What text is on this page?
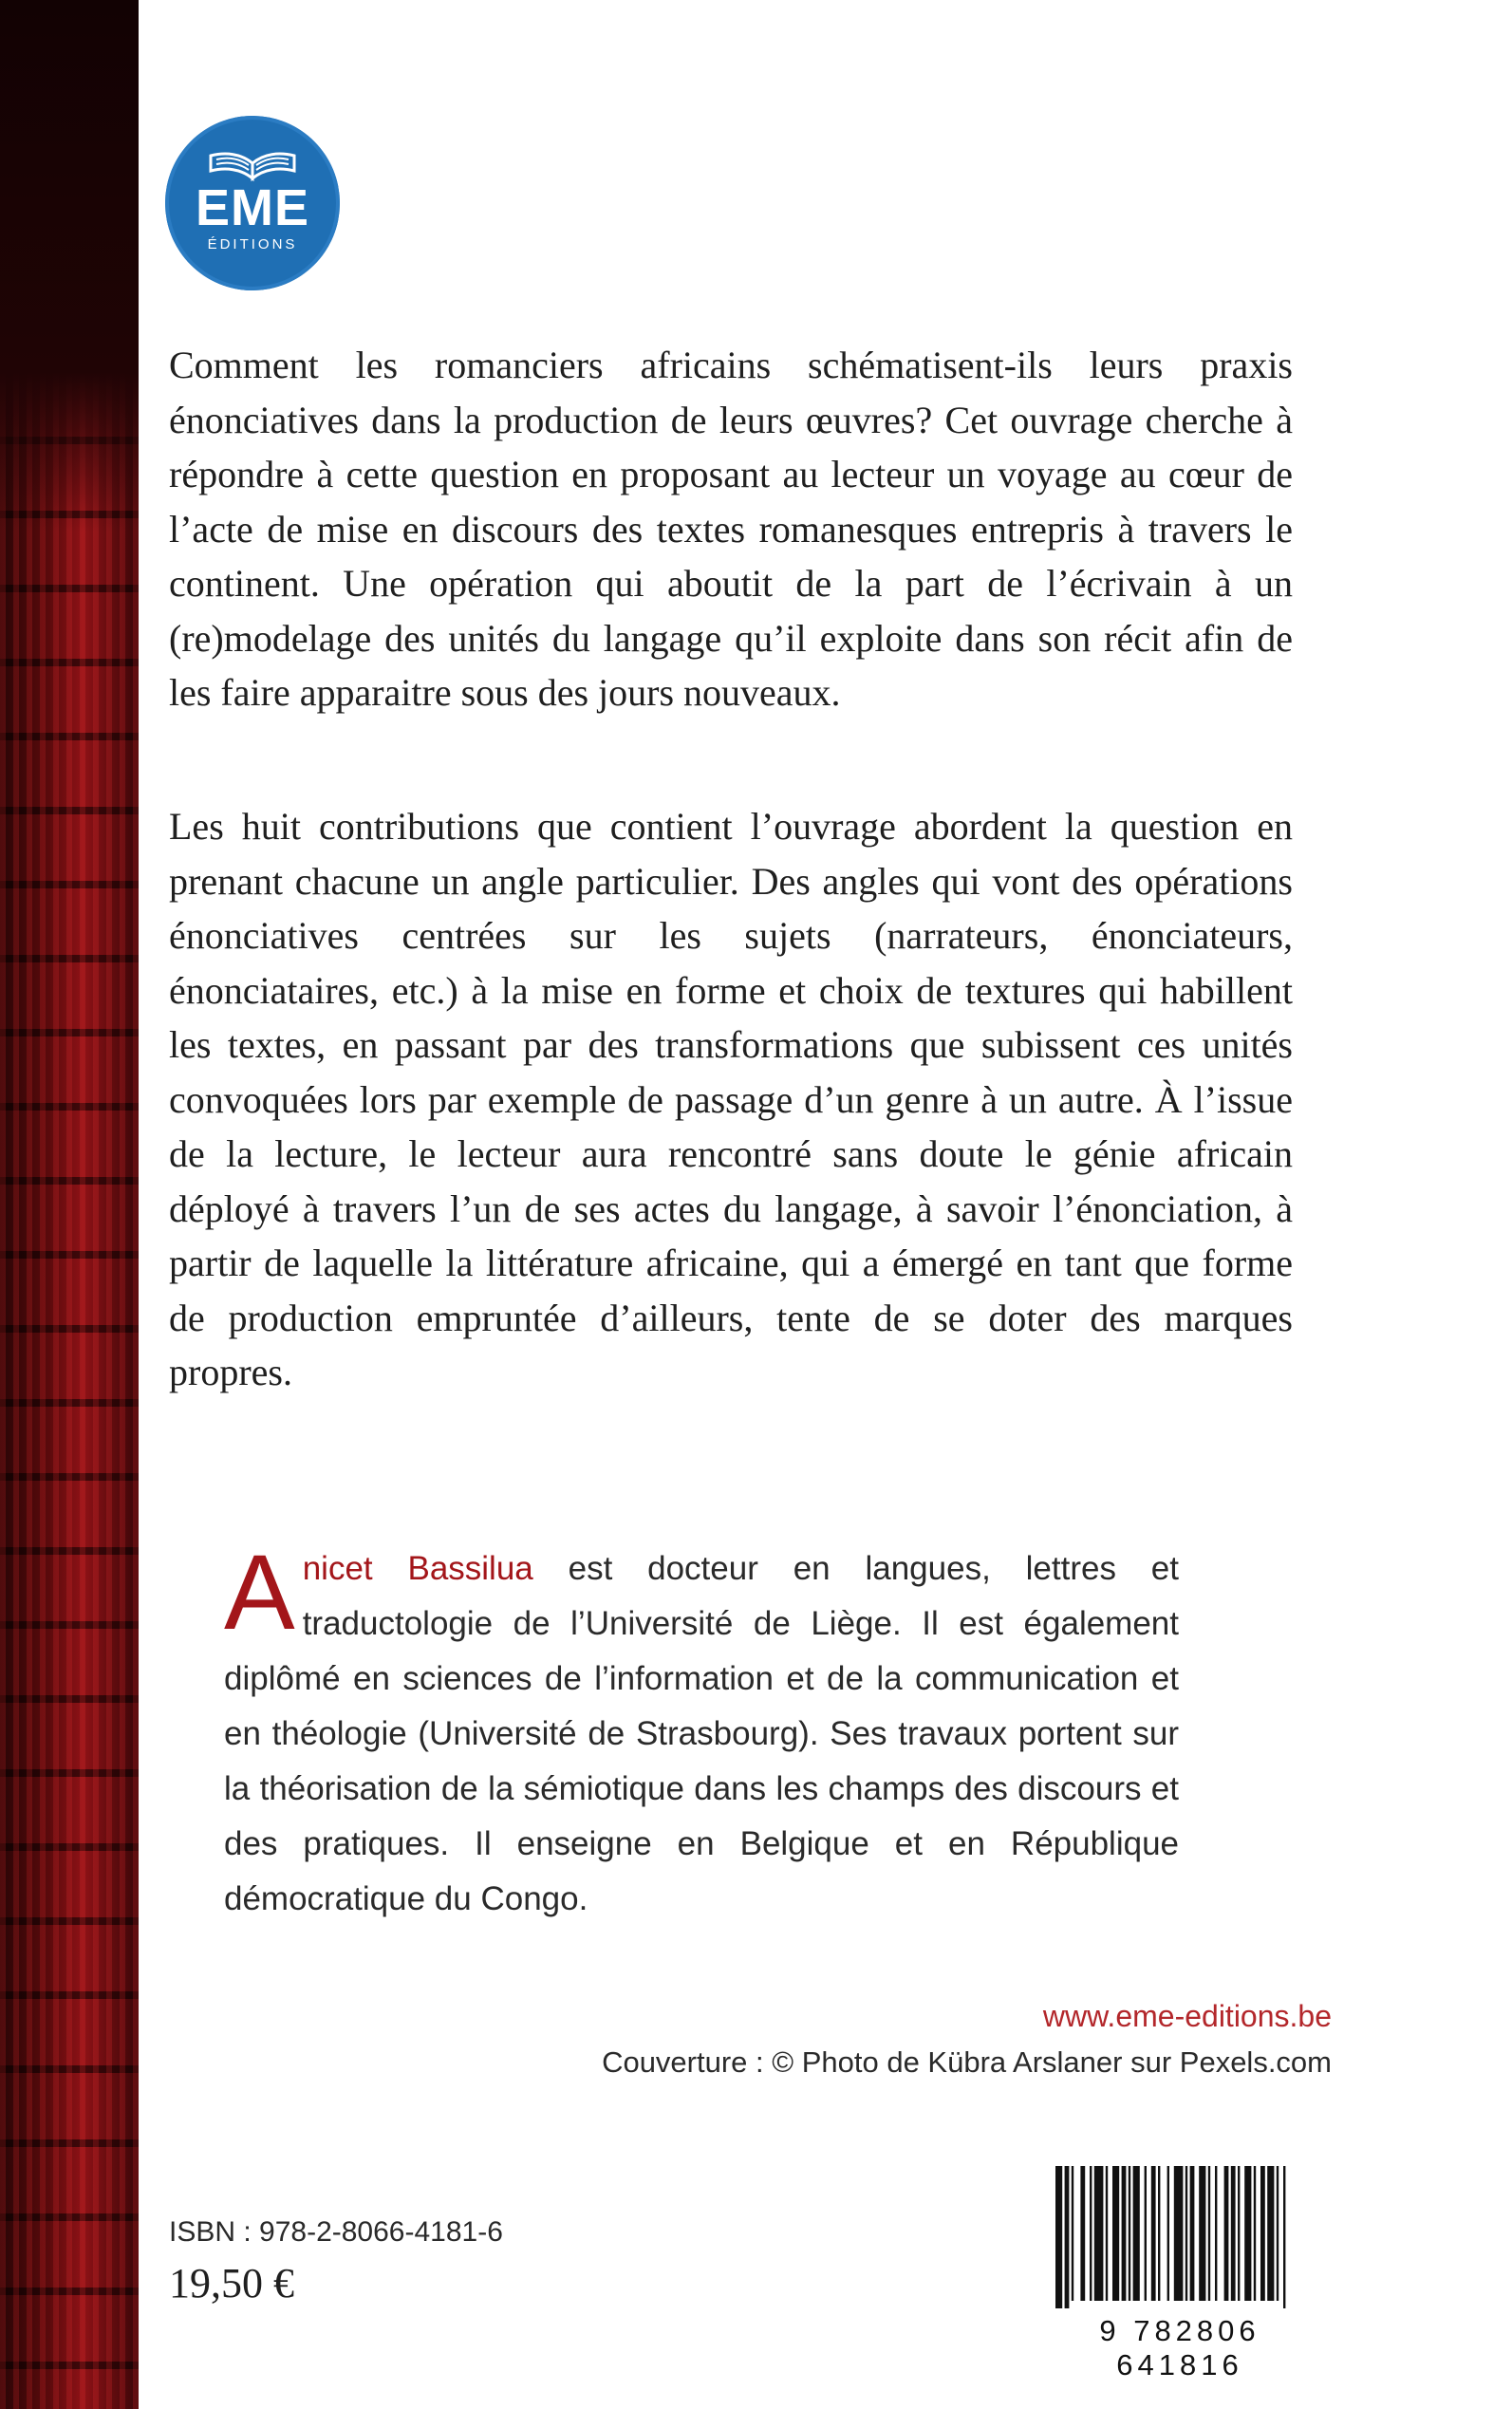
EME
ÉDITIONS

Comment les romanciers africains schématisent-ils leurs praxis énonciatives dans la production de leurs œuvres? Cet ouvrage cherche à répondre à cette question en proposant au lecteur un voyage au cœur de l’acte de mise en discours des textes romanesques entrepris à travers le continent. Une opération qui aboutit de la part de l’écrivain à un (re)modelage des unités du langage qu’il exploite dans son récit afin de les faire apparaitre sous des jours nouveaux.

Les huit contributions que contient l’ouvrage abordent la question en prenant chacune un angle particulier. Des angles qui vont des opérations énonciatives centrées sur les sujets (narrateurs, énonciateurs, énonciataires, etc.) à la mise en forme et choix de textures qui habillent les textes, en passant par des transformations que subissent ces unités convoquées lors par exemple de passage d’un genre à un autre. À l’issue de la lecture, le lecteur aura rencontré sans doute le génie africain déployé à travers l’un de ses actes du langage, à savoir l’énonciation, à partir de laquelle la littérature africaine, qui a émergé en tant que forme de production empruntée d’ailleurs, tente de se doter des marques propres.

Anicet Bassilua est docteur en langues, lettres et traductologie de l’Université de Liège. Il est également diplômé en sciences de l’information et de la communication et en théologie (Université de Strasbourg). Ses travaux portent sur la théorisation de la sémiotique dans les champs des discours et des pratiques. Il enseigne en Belgique et en République démocratique du Congo.

www.eme-editions.be
Couverture : © Photo de Kübra Arslaner sur Pexels.com
ISBN : 978-2-8066-4181-6
19,50 €
9 782806 641816
